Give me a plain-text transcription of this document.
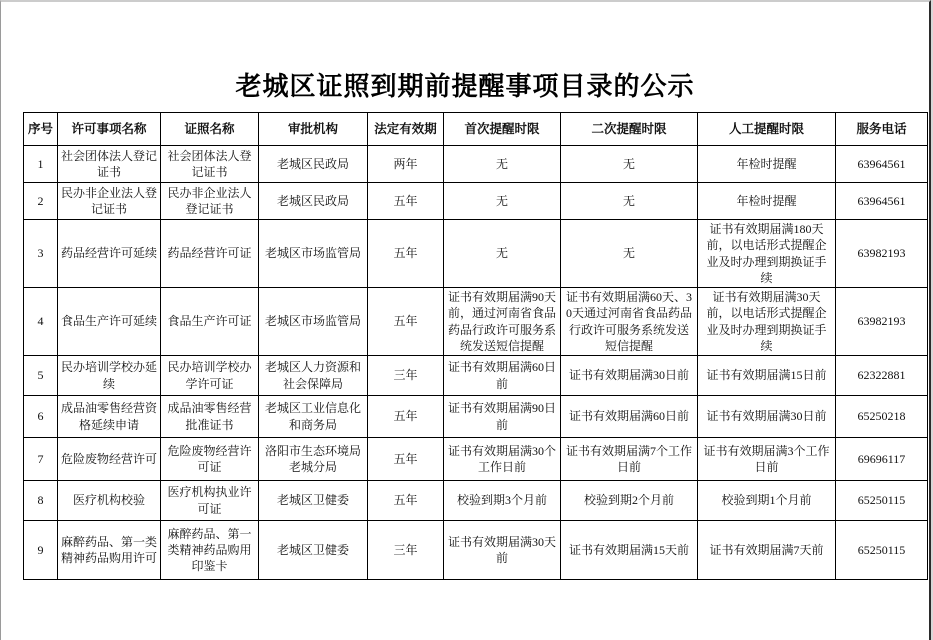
老城区证照到期前提醒事项目录的公示
序号	许可事项名称	证照名称	审批机构	法定有效期	首次提醒时限	二次提醒时限	人工提醒时限	服务电话
1	社会团体法人登记证书	社会团体法人登记证书	老城区民政局	两年	无	无	年检时提醒	63964561
2	民办非企业法人登记证书	民办非企业法人登记证书	老城区民政局	五年	无	无	年检时提醒	63964561
3	药品经营许可延续	药品经营许可证	老城区市场监管局	五年	无	无	证书有效期届满180天前，以电话形式提醒企业及时办理到期换证手续	63982193
4	食品生产许可延续	食品生产许可证	老城区市场监管局	五年	证书有效期届满90天前，通过河南省食品药品行政许可服务系统发送短信提醒	证书有效期届满60天、30天通过河南省食品药品行政许可服务系统发送短信提醒	证书有效期届满30天前，以电话形式提醒企业及时办理到期换证手续	63982193
5	民办培训学校办延续	民办培训学校办学许可证	老城区人力资源和社会保障局	三年	证书有效期届满60日前	证书有效期届满30日前	证书有效期届满15日前	62322881
6	成品油零售经营资格延续申请	成品油零售经营批准证书	老城区工业信息化和商务局	五年	证书有效期届满90日前	证书有效期届满60日前	证书有效期届满30日前	65250218
7	危险废物经营许可	危险废物经营许可证	洛阳市生态环境局老城分局	五年	证书有效期届满30个工作日前	证书有效期届满7个工作日前	证书有效期届满3个工作日前	69696117
8	医疗机构校验	医疗机构执业许可证	老城区卫健委	五年	校验到期3个月前	校验到期2个月前	校验到期1个月前	65250115
9	麻醉药品、第一类精神药品购用许可	麻醉药品、第一类精神药品购用印鉴卡	老城区卫健委	三年	证书有效期届满30天前	证书有效期届满15天前	证书有效期届满7天前	65250115
